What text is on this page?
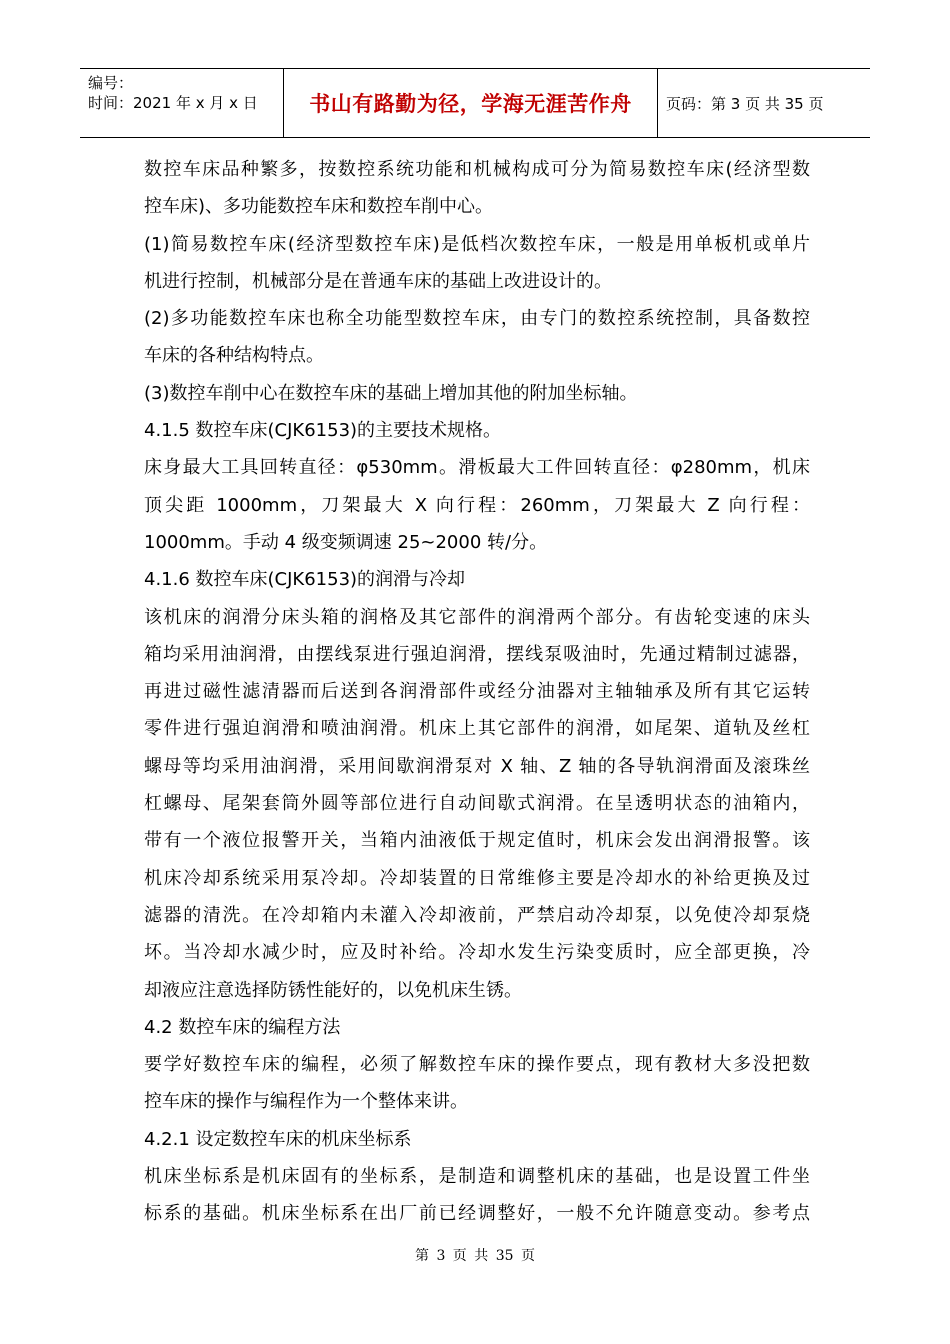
编号：
时间：2021 年 x 月 x 日	书山有路勤为径，学海无涯苦作舟	页码：第 3 页 共 35 页
数控车床品种繁多，按数控系统功能和机械构成可分为简易数控车床(经济型数
控车床)、多功能数控车床和数控车削中心。
(1)简易数控车床(经济型数控车床)是低档次数控车床，一般是用单板机或单片
机进行控制，机械部分是在普通车床的基础上改进设计的。
(2)多功能数控车床也称全功能型数控车床，由专门的数控系统控制，具备数控
车床的各种结构特点。
(3)数控车削中心在数控车床的基础上增加其他的附加坐标轴。
4.1.5 数控车床(CJK6153)的主要技术规格。
床身最大工具回转直径：φ530mm。滑板最大工件回转直径：φ280mm，机床
顶尖距 1000mm，刀架最大 X 向行程：260mm，刀架最大 Z 向行程：
1000mm。手动 4 级变频调速 25~2000 转/分。
4.1.6 数控车床(CJK6153)的润滑与冷却
该机床的润滑分床头箱的润格及其它部件的润滑两个部分。有齿轮变速的床头
箱均采用油润滑，由摆线泵进行强迫润滑，摆线泵吸油时，先通过精制过滤器，
再进过磁性滤清器而后送到各润滑部件或经分油器对主轴轴承及所有其它运转
零件进行强迫润滑和喷油润滑。机床上其它部件的润滑，如尾架、道轨及丝杠
螺母等均采用油润滑，采用间歇润滑泵对 X 轴、Z 轴的各导轨润滑面及滚珠丝
杠螺母、尾架套筒外圆等部位进行自动间歇式润滑。在呈透明状态的油箱内，
带有一个液位报警开关，当箱内油液低于规定值时，机床会发出润滑报警。该
机床冷却系统采用泵冷却。冷却装置的日常维修主要是冷却水的补给更换及过
滤器的清洗。在冷却箱内未灌入冷却液前，严禁启动冷却泵，以免使冷却泵烧
坏。当冷却水减少时，应及时补给。冷却水发生污染变质时，应全部更换，冷
却液应注意选择防锈性能好的，以免机床生锈。
4.2 数控车床的编程方法
要学好数控车床的编程，必须了解数控车床的操作要点，现有教材大多没把数
控车床的操作与编程作为一个整体来讲。
4.2.1 设定数控车床的机床坐标系
机床坐标系是机床固有的坐标系，是制造和调整机床的基础，也是设置工件坐
标系的基础。机床坐标系在出厂前已经调整好，一般不允许随意变动。参考点
第 3 页 共 35 页
